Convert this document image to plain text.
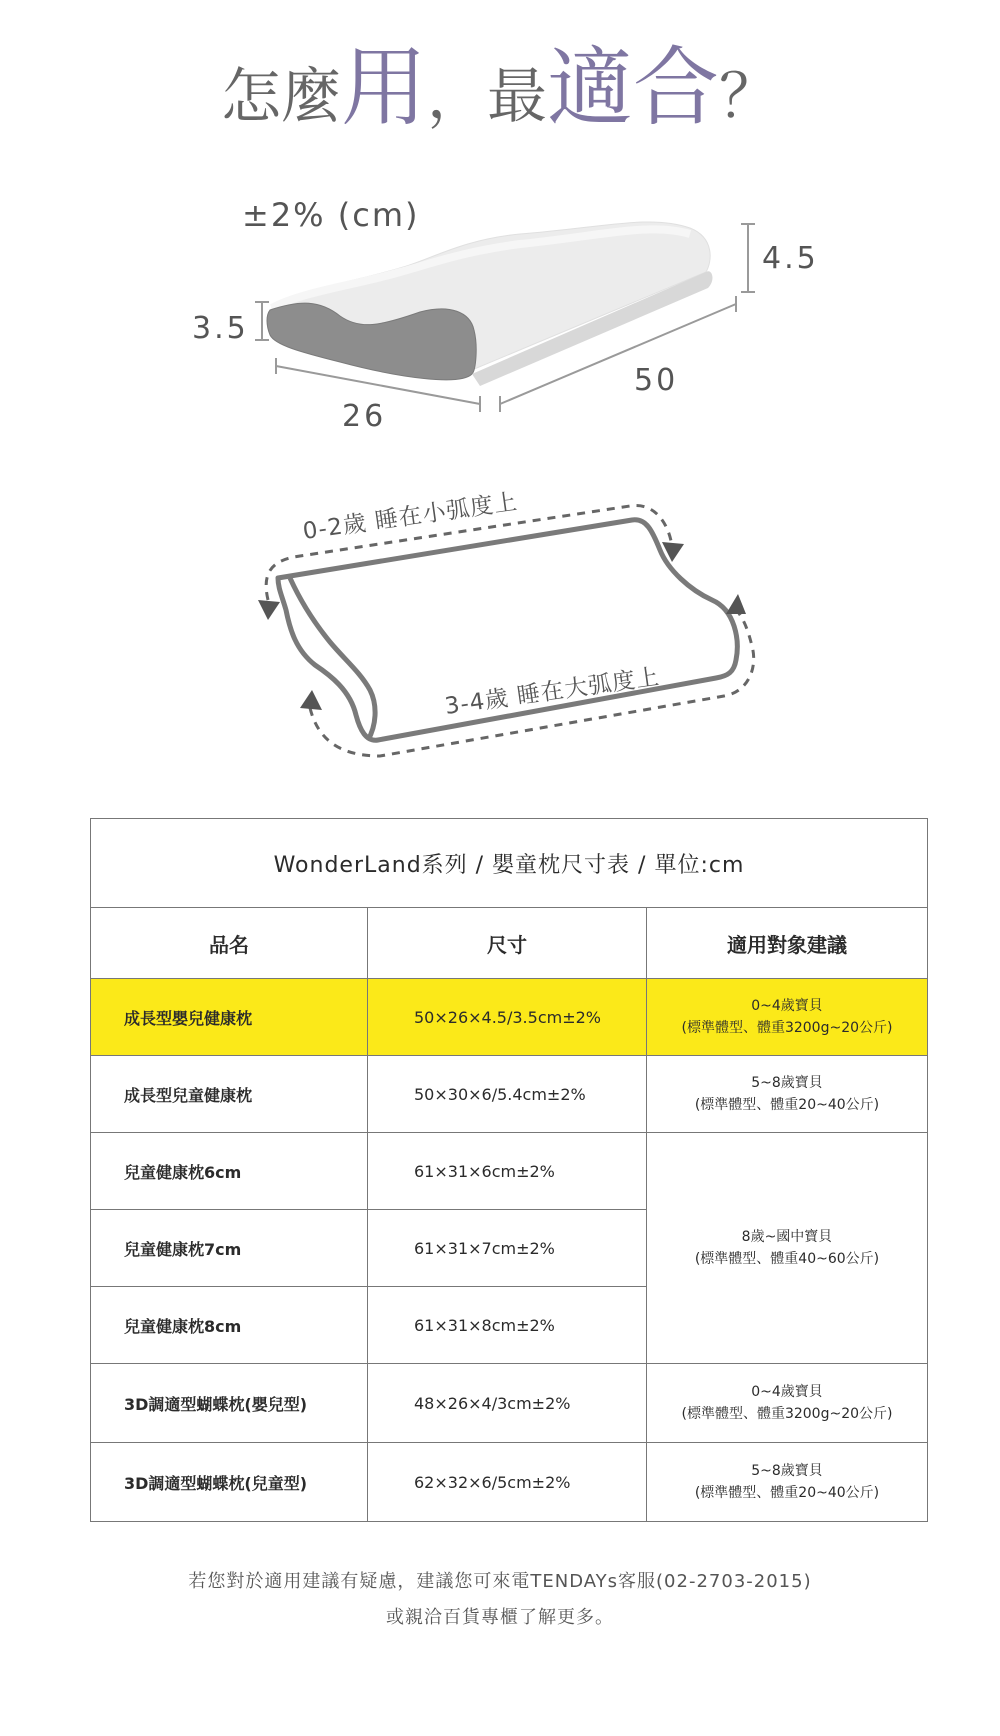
怎麼用，最適合？
±2% (cm)
3.5
4.5
26
50
0-2歲 睡在小弧度上
3-4歲 睡在大弧度上
WonderLand系列 / 嬰童枕尺寸表 / 單位:cm		
品名	尺寸	適用對象建議
成長型嬰兒健康枕	50×26×4.5/3.5cm±2%	0~4歲寶貝
(標準體型、體重3200g~20公斤)

成長型兒童健康枕	50×30×6/5.4cm±2%	5~8歲寶貝
(標準體型、體重20~40公斤)

兒童健康枕6cm	61×31×6cm±2%	8歲~國中寶貝
(標準體型、體重40~60公斤)

兒童健康枕7cm	61×31×7cm±2%	
兒童健康枕8cm	61×31×8cm±2%	
3D調適型蝴蝶枕(嬰兒型)	48×26×4/3cm±2%	0~4歲寶貝
(標準體型、體重3200g~20公斤)

3D調適型蝴蝶枕(兒童型)	62×32×6/5cm±2%	5~8歲寶貝
(標準體型、體重20~40公斤)
若您對於適用建議有疑慮，建議您可來電TENDAYs客服(02-2703-2015)
或親洽百貨專櫃了解更多。
